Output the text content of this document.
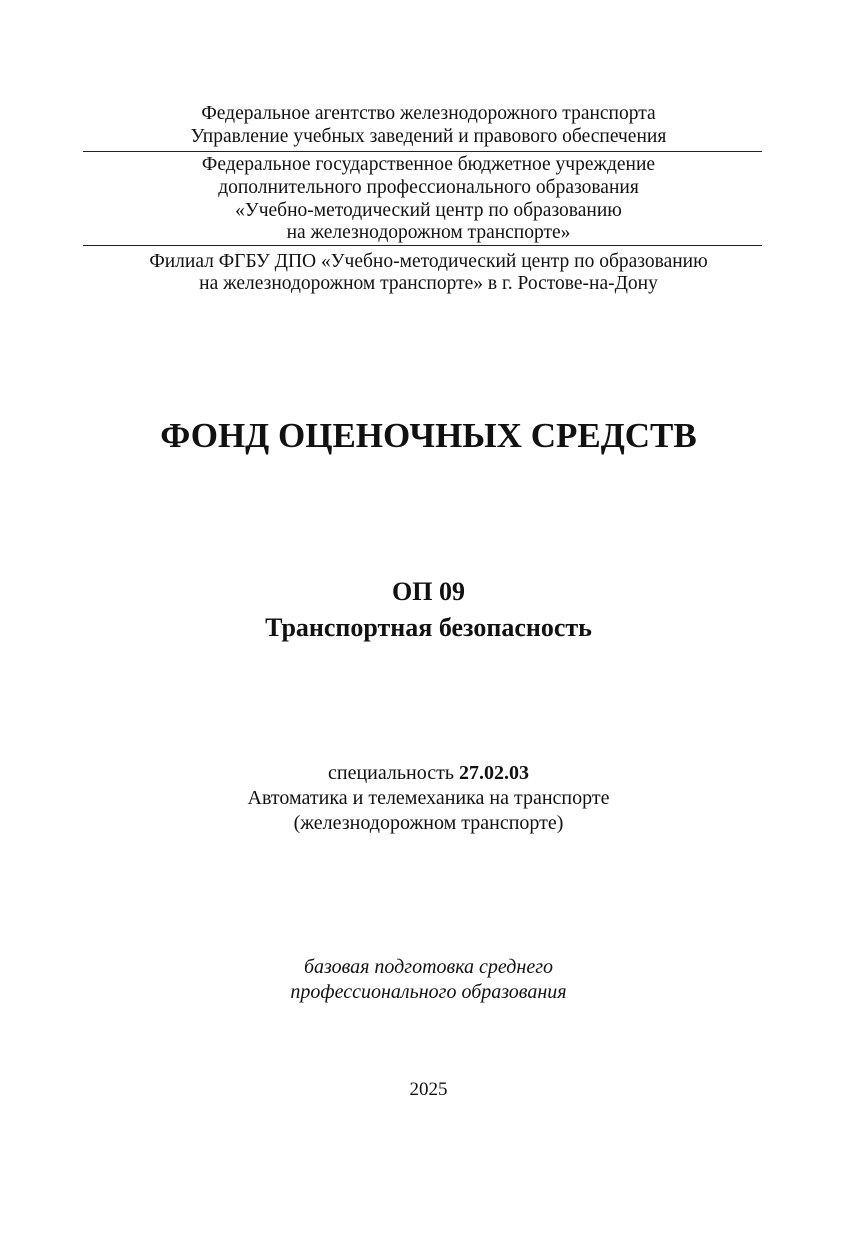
Федеральное агентство железнодорожного транспорта
Управление учебных заведений и правового обеспечения
Федеральное государственное бюджетное учреждение
дополнительного профессионального образования
«Учебно-методический центр по образованию
на железнодорожном транспорте»
Филиал ФГБУ ДПО «Учебно-методический центр по образованию
на железнодорожном транспорте» в г. Ростове-на-Дону
ФОНД ОЦЕНОЧНЫХ СРЕДСТВ
ОП 09
Транспортная безопасность
специальность 27.02.03
Автоматика и телемеханика на транспорте
(железнодорожном транспорте)
базовая подготовка среднего
профессионального образования
2025
